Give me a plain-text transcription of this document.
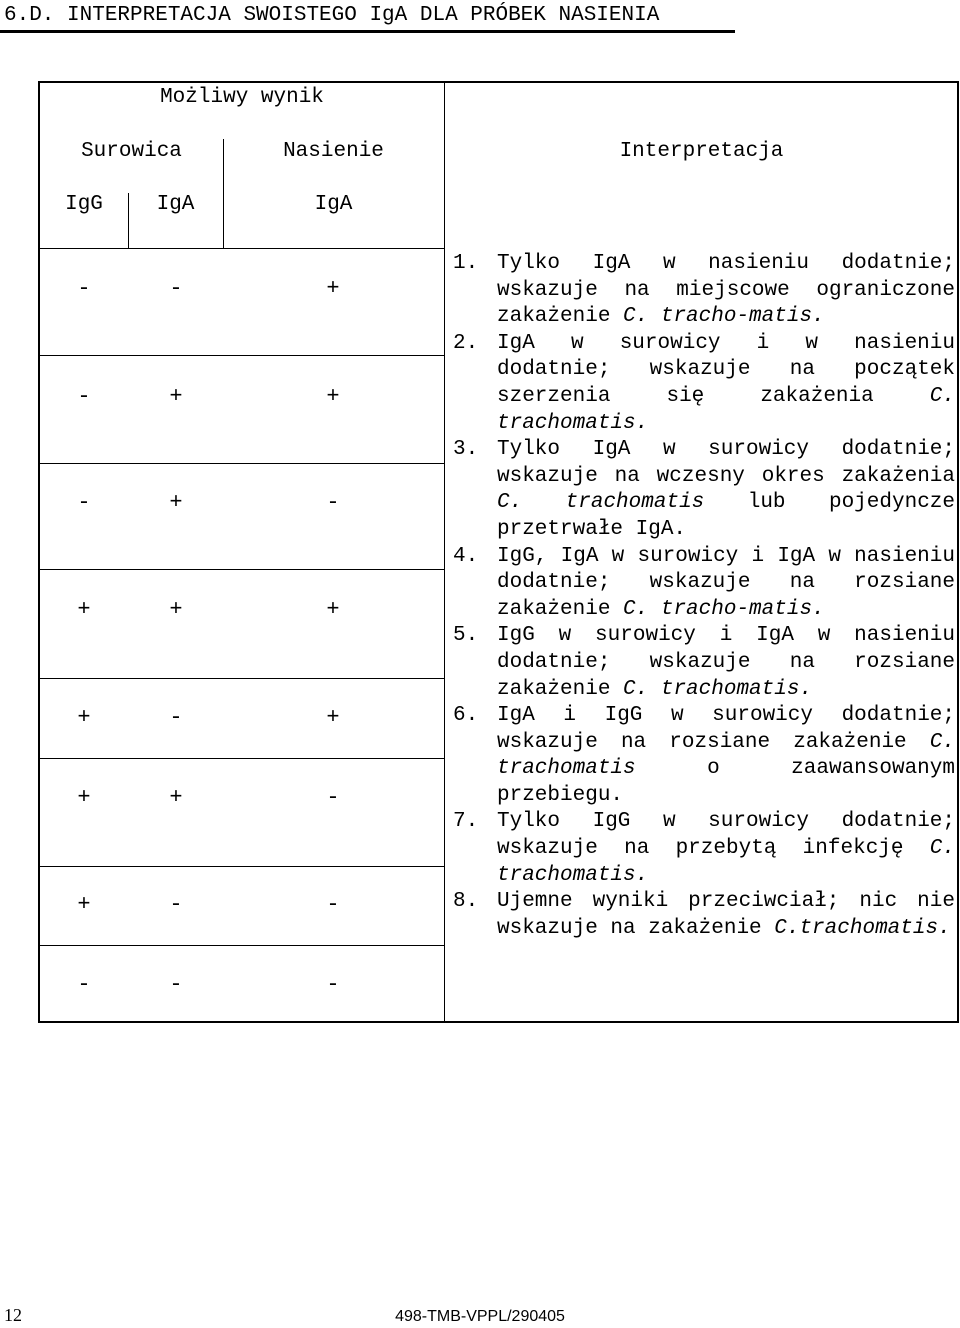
6.D. INTERPRETACJA SWOISTEGO IgA DLA PRÓBEK NASIENIA
Możliwy wynik
Surowica	Nasienie	Interpretacja
IgG	IgA	IgA
-	-	+
-	+	+
-	+	-
+	+	+
+	-	+
+	+	-
+	-	-
-	-	-
1. Tylko IgA w nasieniu dodatnie; wskazuje na miejscowe ograniczone zakażenie C. tracho-matis.
2. IgA w surowicy i w nasieniu dodatnie; wskazuje na początek szerzenia się zakażenia C. trachomatis.
3. Tylko IgA w surowicy dodatnie; wskazuje na wczesny okres zakażenia C. trachomatis lub pojedyncze przetrwałe IgA.
4. IgG, IgA w surowicy i IgA w nasieniu dodatnie; wskazuje na rozsiane zakażenie C. tracho-matis.
5. IgG w surowicy i IgA w nasieniu dodatnie; wskazuje na rozsiane zakażenie C. trachomatis.
6. IgA i IgG w surowicy dodatnie; wskazuje na rozsiane zakażenie C. trachomatis o zaawansowanym przebiegu.
7. Tylko IgG w surowicy dodatnie; wskazuje na przebytą infekcję C. trachomatis.
8. Ujemne wyniki przeciwciał; nic nie wskazuje na zakażenie C.trachomatis.
12	498-TMB-VPPL/290405
